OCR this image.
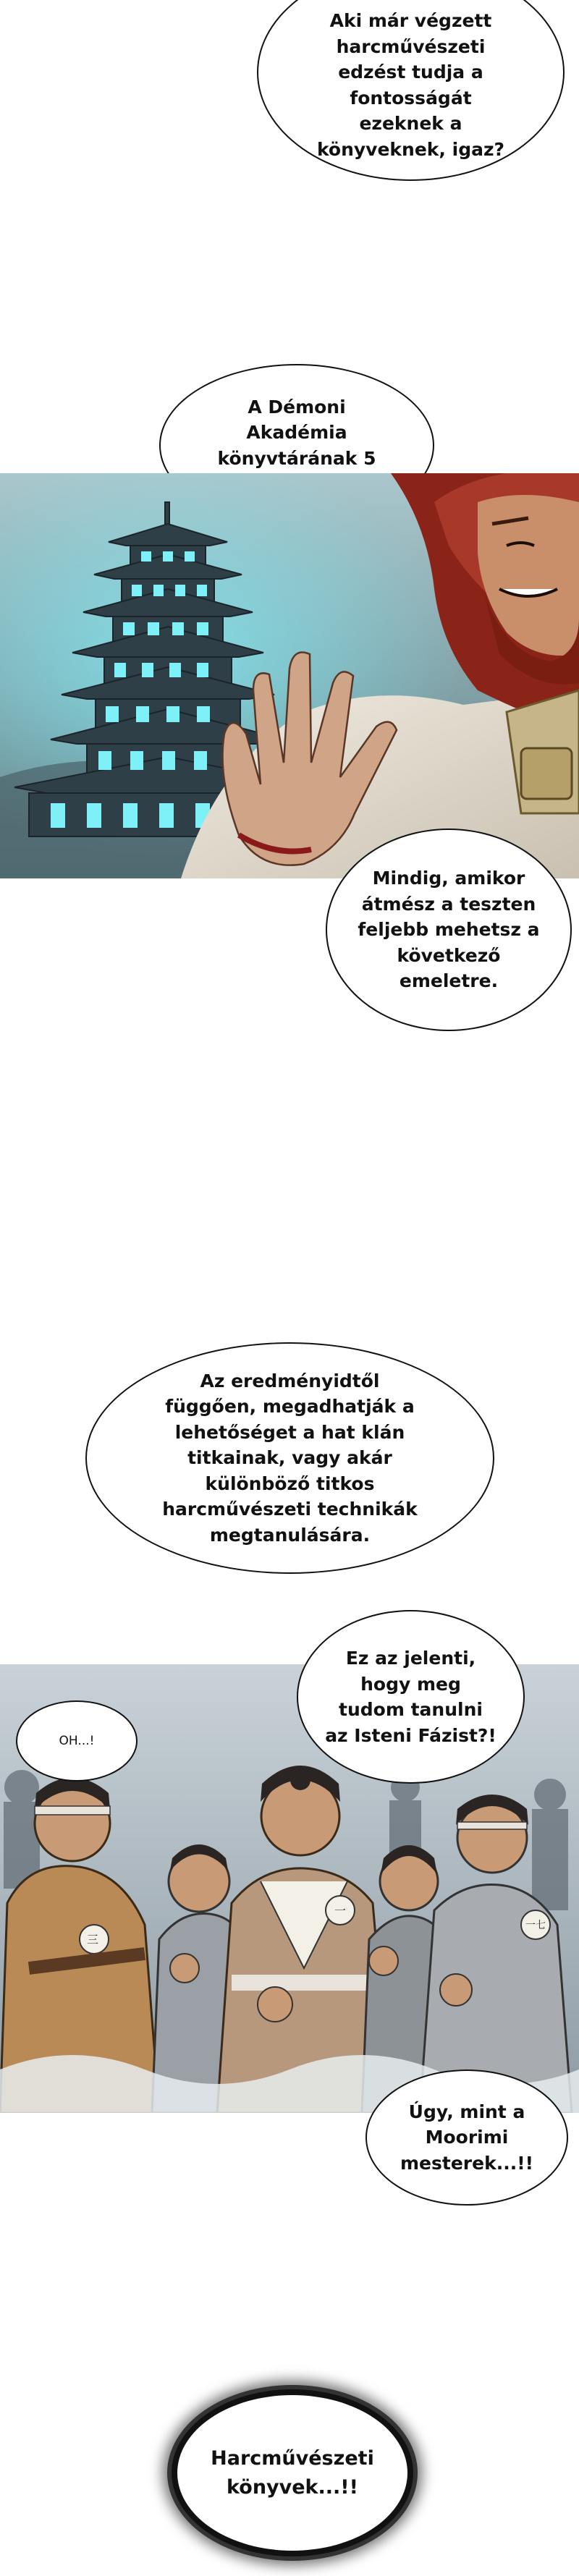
Aki már végzett
harcművészeti
edzést tudja a
fontosságát
ezeknek a
könyveknek, igaz?
A Démoni
Akadémia
könyvtárának 5

Mindig, amikor
átmész a teszten
feljebb mehetsz a
következő
emeletre.
Az eredményidtől
függően, megadhatják a
lehetőséget a hat klán
titkainak, vagy akár
különböző titkos
harcművészeti technikák
megtanulására.
三
一
一七
Ez az jelenti,
hogy meg
tudom tanulni
az Isteni Fázist?!
OH...!
Úgy, mint a
Moorimi
mesterek...!!
Harcművészeti
könyvek...!!
